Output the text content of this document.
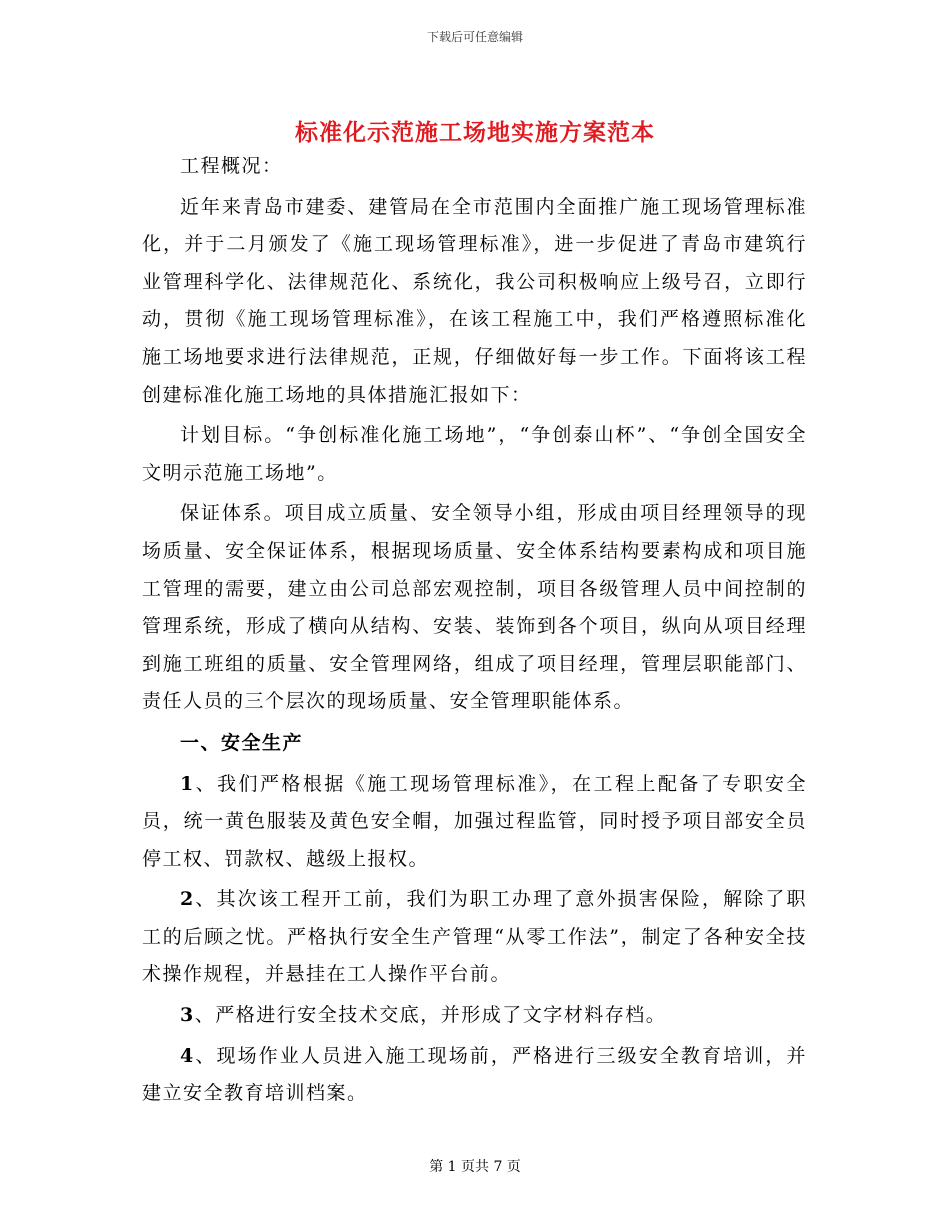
下载后可任意编辑
标准化示范施工场地实施方案范本

工程概况：

近年来青岛市建委、建管局在全市范围内全面推广施工现场管理标准化，并于二月颁发了《施工现场管理标准》，进一步促进了青岛市建筑行业管理科学化、法律规范化、系统化，我公司积极响应上级号召，立即行动，贯彻《施工现场管理标准》，在该工程施工中，我们严格遵照标准化施工场地要求进行法律规范，正规，仔细做好每一步工作。下面将该工程创建标准化施工场地的具体措施汇报如下：

计划目标。“争创标准化施工场地”，“争创泰山杯”、“争创全国安全文明示范施工场地”。

保证体系。项目成立质量、安全领导小组，形成由项目经理领导的现场质量、安全保证体系，根据现场质量、安全体系结构要素构成和项目施工管理的需要，建立由公司总部宏观控制，项目各级管理人员中间控制的管理系统，形成了横向从结构、安装、装饰到各个项目，纵向从项目经理到施工班组的质量、安全管理网络，组成了项目经理，管理层职能部门、责任人员的三个层次的现场质量、安全管理职能体系。

一、安全生产

1、我们严格根据《施工现场管理标准》，在工程上配备了专职安全员，统一黄色服装及黄色安全帽，加强过程监管，同时授予项目部安全员停工权、罚款权、越级上报权。

2、其次该工程开工前，我们为职工办理了意外损害保险，解除了职工的后顾之忧。严格执行安全生产管理“从零工作法”，制定了各种安全技术操作规程，并悬挂在工人操作平台前。

3、严格进行安全技术交底，并形成了文字材料存档。

4、现场作业人员进入施工现场前，严格进行三级安全教育培训，并建立安全教育培训档案。

第 1 页共 7 页
